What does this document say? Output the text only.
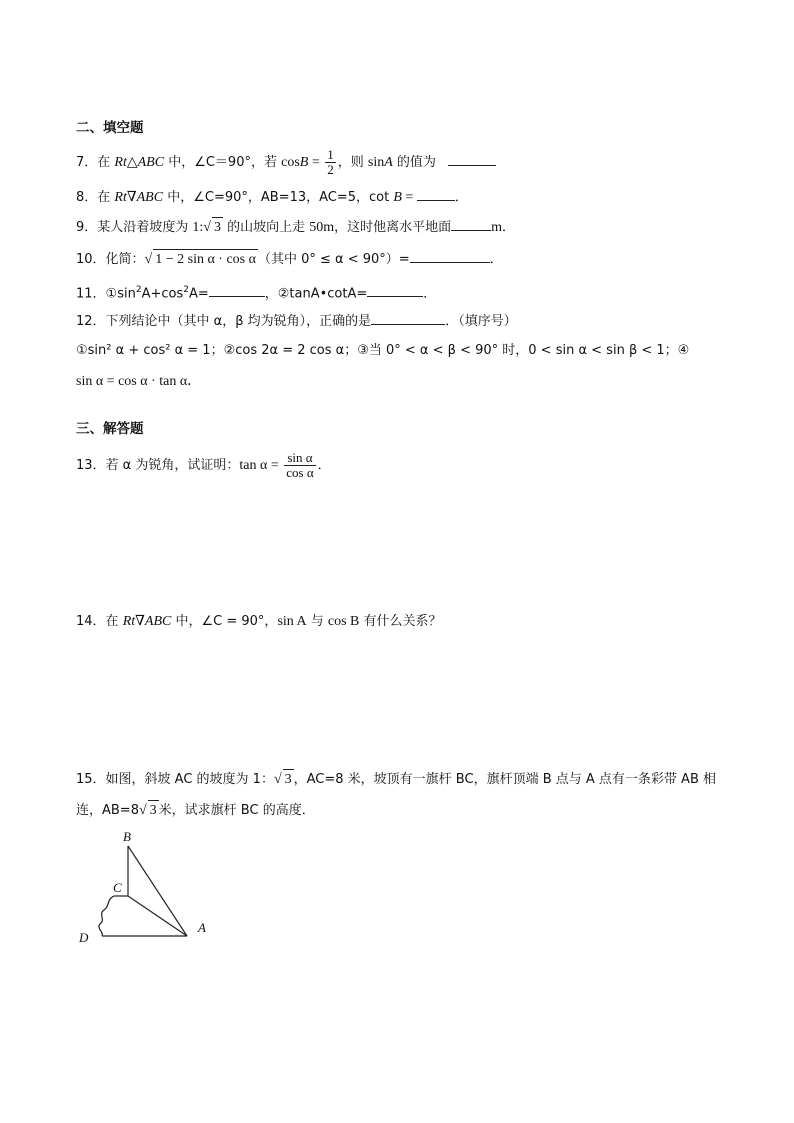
二、填空题
7．在 Rt△ABC 中，∠C＝90°，若 $\cos B = \frac{1}{2}$ ，则 sinA 的值为
8．在 Rt∇ABC 中，∠C=90°，AB=13，AC=5，cot B =	．
9．某人沿着坡度为 1:√ 3 的山坡向上走 50m，这时他离水平地面	m．
10．化简：√ 1 − 2 sin α · cos α （其中 0° ≤ α < 90°）=	．
11．$①\sin^2A+\cos^2A=$	，②tanA•cotA=	．
12．下列结论中（其中 α，β 均为锐角），正确的是	．（填序号）
①sin² α + cos² α = 1；②cos 2α = 2 cos α；③当 0° < α < β < 90° 时，0 < sin α < sin β < 1；④
sin α = cos α · tan α．
三、解答题
13．若 α 为锐角，试证明：$\tan \alpha = \frac{\text{sin α}}{\text{cos α}}$ ．
14．在 Rt∇ABC 中，∠C = 90°，sin A 与 cos B 有什么关系？
15．如图，斜坡 AC 的坡度为 1：√ 3 ，AC=8 米，坡顶有一旗杆 BC，旗杆顶端 B 点与 A 点有一条彩带 AB 相
连，AB=8√ 3 米，试求旗杆 BC 的高度．
B
C
D
A
